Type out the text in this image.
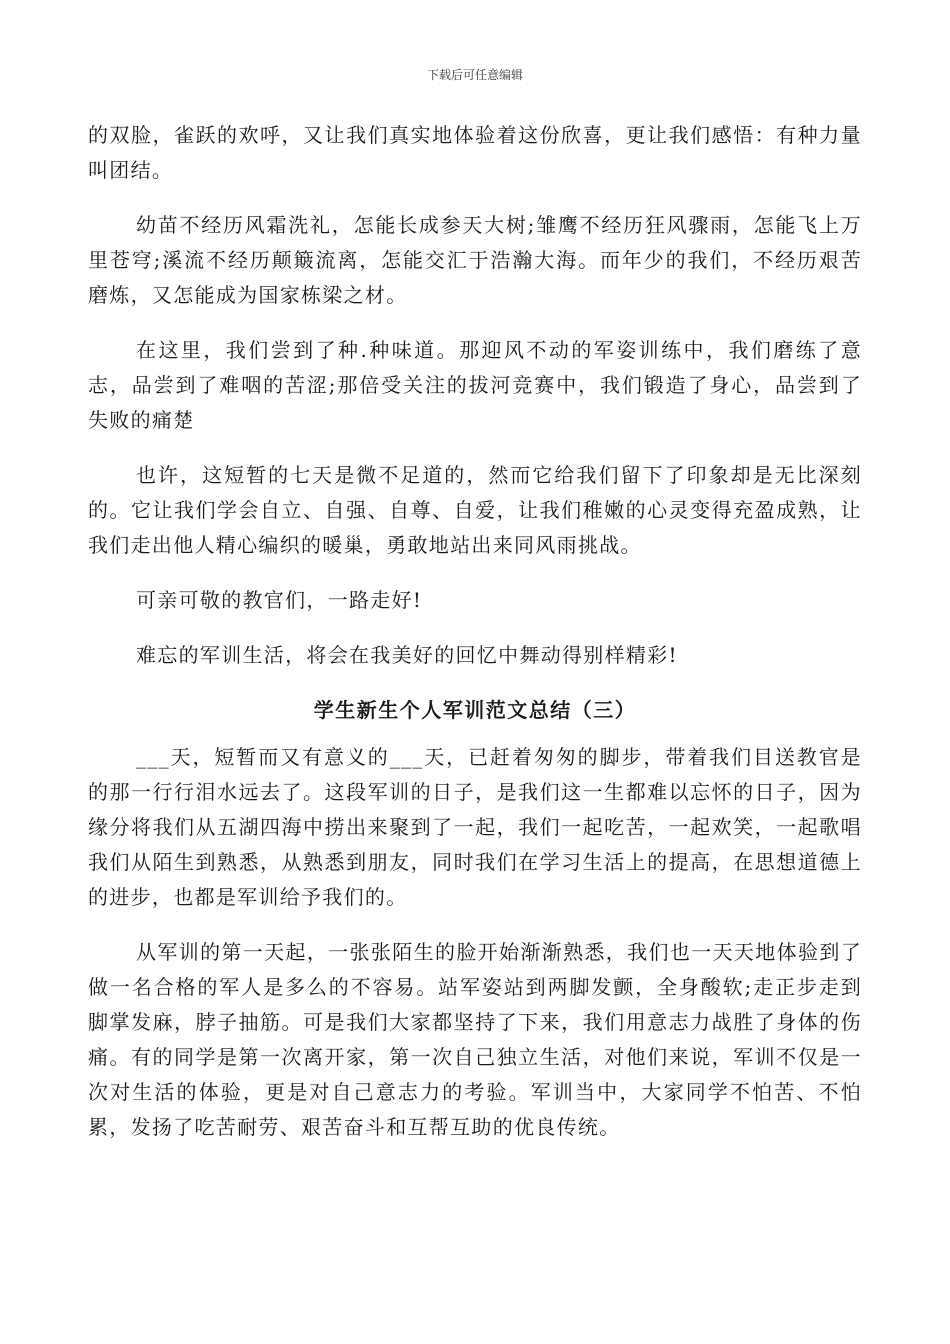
下载后可任意编辑

的双脸，雀跃的欢呼，又让我们真实地体验着这份欣喜，更让我们感悟：有种力量叫团结。

幼苗不经历风霜洗礼，怎能长成参天大树;雏鹰不经历狂风骤雨，怎能飞上万里苍穹;溪流不经历颠簸流离，怎能交汇于浩瀚大海。而年少的我们，不经历艰苦磨炼，又怎能成为国家栋梁之材。

在这里，我们尝到了种.种味道。那迎风不动的军姿训练中，我们磨练了意志，品尝到了难咽的苦涩;那倍受关注的拔河竞赛中，我们锻造了身心，品尝到了失败的痛楚

也许，这短暂的七天是微不足道的，然而它给我们留下了印象却是无比深刻的。它让我们学会自立、自强、自尊、自爱，让我们稚嫩的心灵变得充盈成熟，让我们走出他人精心编织的暖巢，勇敢地站出来同风雨挑战。

可亲可敬的教官们，一路走好!

难忘的军训生活，将会在我美好的回忆中舞动得别样精彩!

学生新生个人军训范文总结（三）

___天，短暂而又有意义的___天，已赶着匆匆的脚步，带着我们目送教官是的那一行行泪水远去了。这段军训的日子，是我们这一生都难以忘怀的日子，因为缘分将我们从五湖四海中捞出来聚到了一起，我们一起吃苦，一起欢笑，一起歌唱我们从陌生到熟悉，从熟悉到朋友，同时我们在学习生活上的提高，在思想道德上的进步，也都是军训给予我们的。

从军训的第一天起，一张张陌生的脸开始渐渐熟悉，我们也一天天地体验到了做一名合格的军人是多么的不容易。站军姿站到两脚发颤，全身酸软;走正步走到脚掌发麻，脖子抽筋。可是我们大家都坚持了下来，我们用意志力战胜了身体的伤痛。有的同学是第一次离开家，第一次自己独立生活，对他们来说，军训不仅是一次对生活的体验，更是对自己意志力的考验。军训当中，大家同学不怕苦、不怕累，发扬了吃苦耐劳、艰苦奋斗和互帮互助的优良传统。
